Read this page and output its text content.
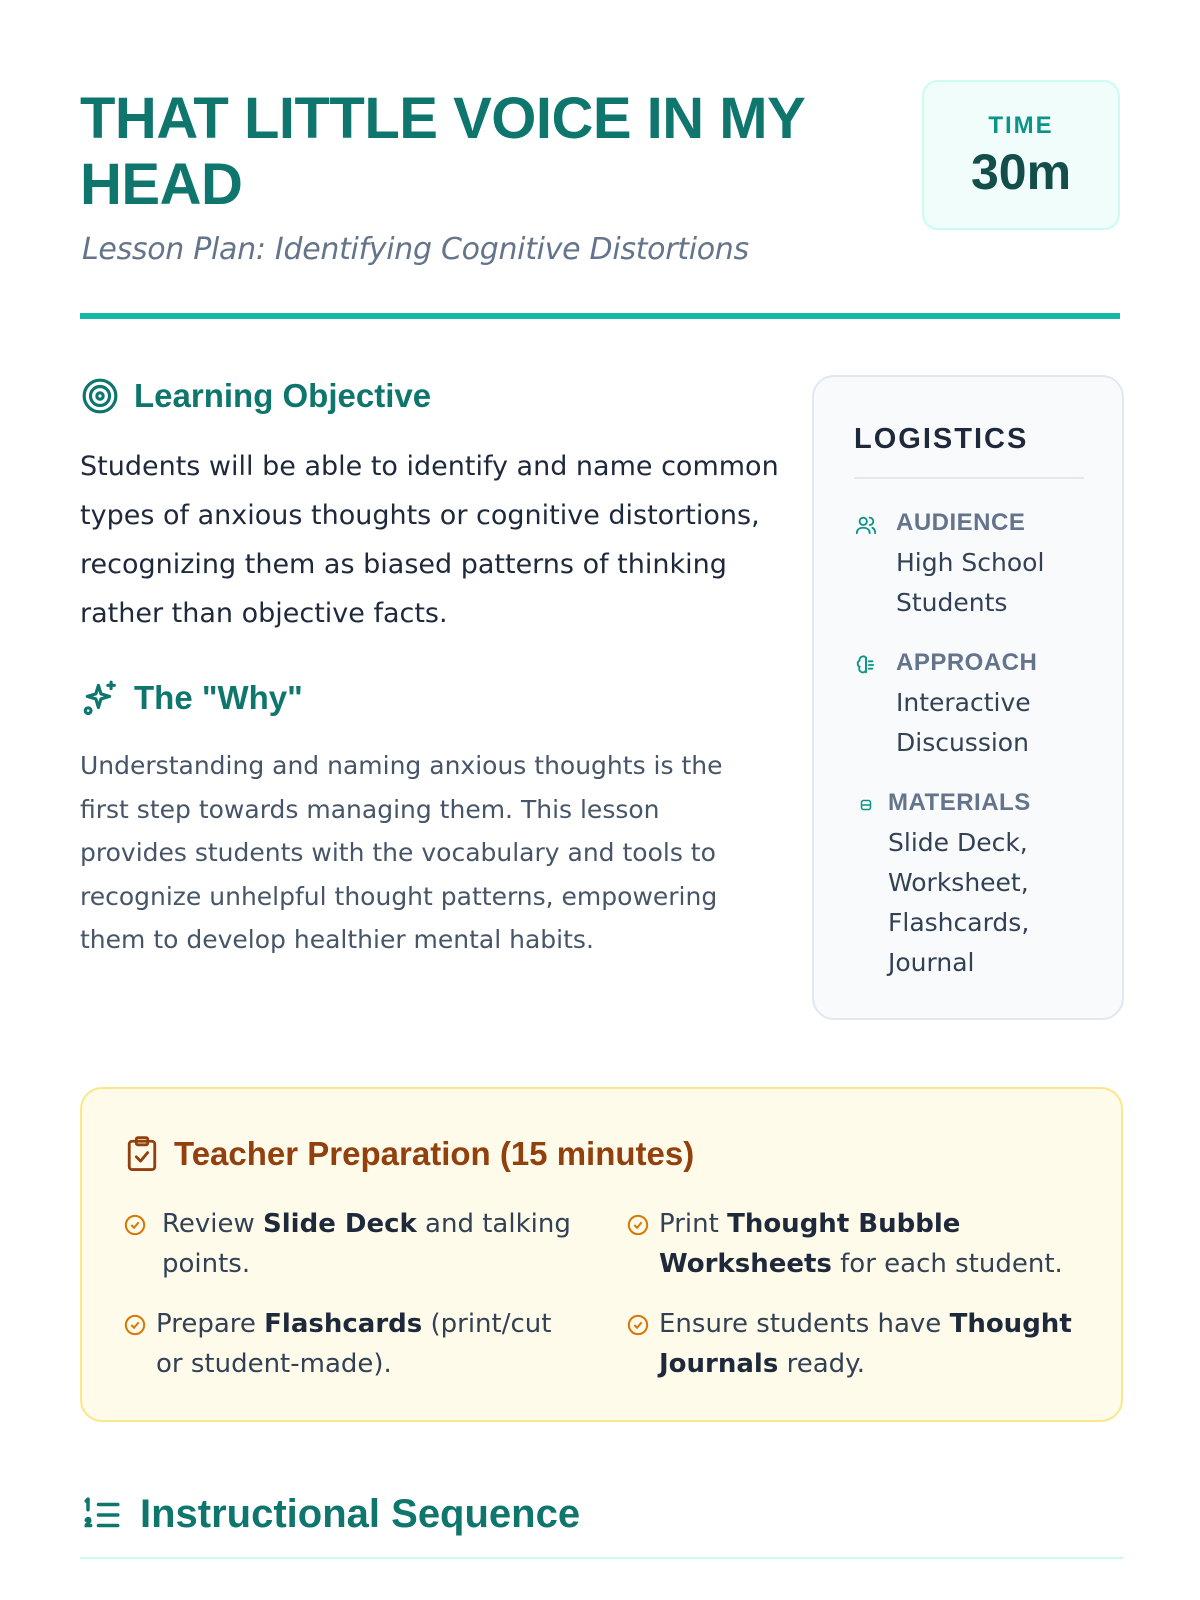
THAT LITTLE VOICE IN MY HEAD
Lesson Plan: Identifying Cognitive Distortions
TIME
30m
Learning Objective

Students will be able to identify and name common types of anxious thoughts or cognitive distortions, recognizing them as biased patterns of thinking rather than objective facts.

The "Why"

Understanding and naming anxious thoughts is the first step towards managing them. This lesson provides students with the vocabulary and tools to recognize unhelpful thought patterns, empowering them to develop healthier mental habits.

LOGISTICS
AUDIENCE
High School Students
APPROACH
Interactive Discussion
MATERIALS
Slide Deck, Worksheet, Flashcards, Journal
Teacher Preparation (15 minutes)
Review Slide Deck and talking points.
Print Thought Bubble Worksheets for each student.
Prepare Flashcards (print/cut or student-made).
Ensure students have Thought Journals ready.
Instructional Sequence
